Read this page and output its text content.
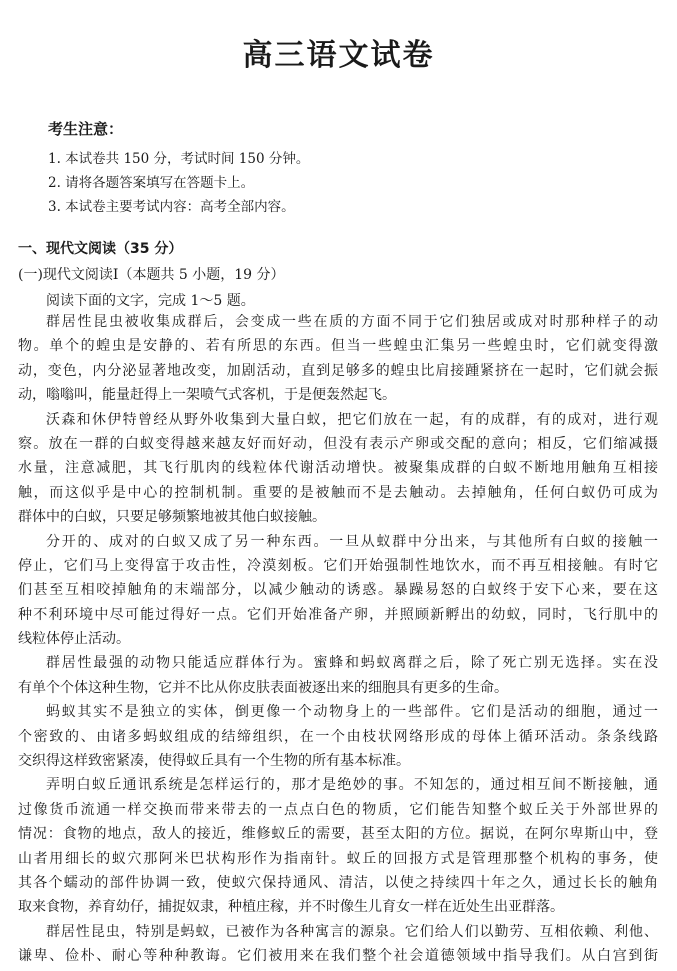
高三语文试卷
考生注意：
1. 本试卷共 150 分，考试时间 150 分钟。
2. 请将各题答案填写在答题卡上。
3. 本试卷主要考试内容：高考全部内容。
一、现代文阅读（35 分）
(一)现代文阅读Ⅰ（本题共 5 小题，19 分）
阅读下面的文字，完成 1～5 题。
群居性昆虫被收集成群后，会变成一些在质的方面不同于它们独居或成对时那种样子的动
物。单个的蝗虫是安静的、若有所思的东西。但当一些蝗虫汇集另一些蝗虫时，它们就变得激
动，变色，内分泌显著地改变，加剧活动，直到足够多的蝗虫比肩接踵紧挤在一起时，它们就会振
动，嗡嗡叫，能量赶得上一架喷气式客机，于是便轰然起飞。
沃森和休伊特曾经从野外收集到大量白蚁，把它们放在一起，有的成群，有的成对，进行观
察。放在一群的白蚁变得越来越友好而好动，但没有表示产卵或交配的意向；相反，它们缩减摄
水量，注意减肥，其飞行肌肉的线粒体代谢活动增快。被聚集成群的白蚁不断地用触角互相接
触，而这似乎是中心的控制机制。重要的是被触而不是去触动。去掉触角，任何白蚁仍可成为
群体中的白蚁，只要足够频繁地被其他白蚁接触。
分开的、成对的白蚁又成了另一种东西。一旦从蚁群中分出来，与其他所有白蚁的接触一
停止，它们马上变得富于攻击性，冷漠刻板。它们开始强制性地饮水，而不再互相接触。有时它
们甚至互相咬掉触角的末端部分，以减少触动的诱惑。暴躁易怒的白蚁终于安下心来，要在这
种不利环境中尽可能过得好一点。它们开始准备产卵，并照顾新孵出的幼蚁，同时，飞行肌中的
线粒体停止活动。
群居性最强的动物只能适应群体行为。蜜蜂和蚂蚁离群之后，除了死亡别无选择。实在没
有单个个体这种生物，它并不比从你皮肤表面被逐出来的细胞具有更多的生命。
蚂蚁其实不是独立的实体，倒更像一个动物身上的一些部件。它们是活动的细胞，通过一
个密致的、由诸多蚂蚁组成的结缔组织，在一个由枝状网络形成的母体上循环活动。条条线路
交织得这样致密紧凑，使得蚁丘具有一个生物的所有基本标准。
弄明白蚁丘通讯系统是怎样运行的，那才是绝妙的事。不知怎的，通过相互间不断接触，通
过像货币流通一样交换而带来带去的一点点白色的物质，它们能告知整个蚁丘关于外部世界的
情况：食物的地点，敌人的接近，维修蚁丘的需要，甚至太阳的方位。据说，在阿尔卑斯山中，登
山者用细长的蚁穴那阿米巴状构形作为指南针。蚁丘的回报方式是管理那整个机构的事务，使
其各个蠕动的部件协调一致，使蚁穴保持通风、清洁，以使之持续四十年之久，通过长长的触角
取来食物，养育幼仔，捕捉奴隶，种植庄稼，并不时像生儿育女一样在近处生出亚群落。
群居性昆虫，特别是蚂蚁，已被作为各种寓言的源泉。它们给人们以勤劳、互相依赖、利他、
谦卑、俭朴、耐心等种种教诲。它们被用来在我们整个社会道德领域中指导我们。从白宫到街
